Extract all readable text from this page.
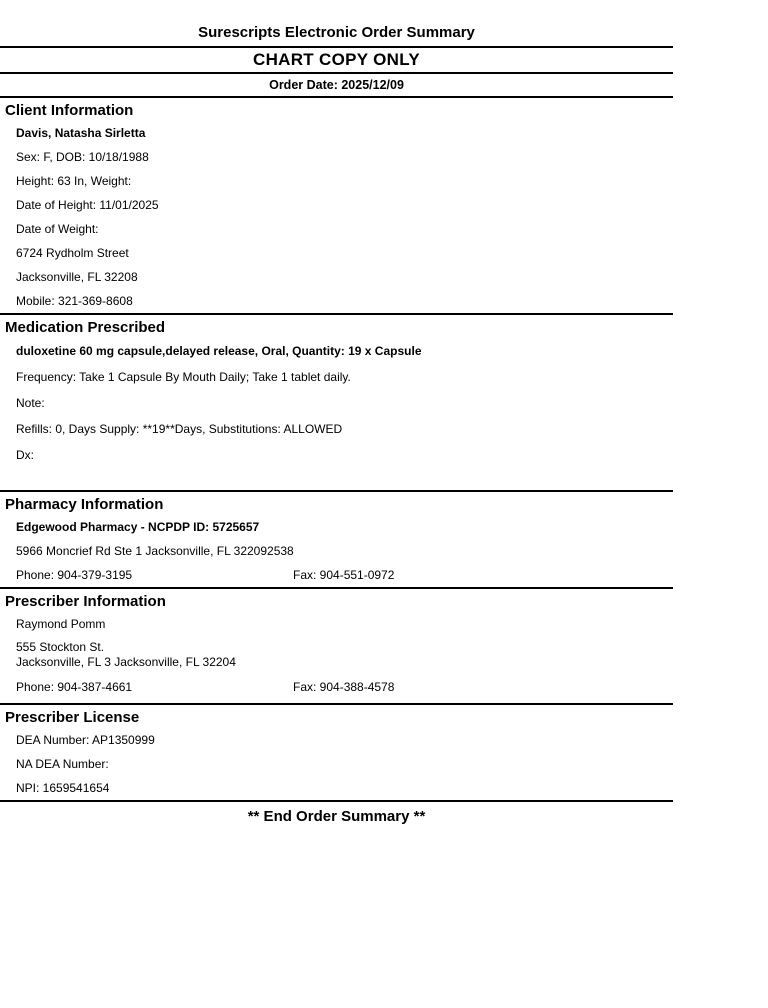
Surescripts Electronic Order Summary
CHART COPY ONLY
Order Date: 2025/12/09
Client Information
Davis, Natasha Sirletta
Sex: F, DOB: 10/18/1988
Height: 63 In, Weight:
Date of Height: 11/01/2025
Date of Weight:
6724 Rydholm Street
Jacksonville, FL 32208
Mobile: 321-369-8608
Medication Prescribed
duloxetine 60 mg capsule,delayed release, Oral, Quantity: 19 x Capsule
Frequency: Take 1 Capsule By Mouth Daily; Take 1 tablet daily.
Note:
Refills: 0, Days Supply: **19**Days, Substitutions: ALLOWED
Dx:
Pharmacy Information
Edgewood Pharmacy - NCPDP ID: 5725657
5966 Moncrief Rd Ste 1 Jacksonville, FL 322092538
Phone: 904-379-3195	Fax: 904-551-0972
Prescriber Information
Raymond Pomm
555 Stockton St.
Jacksonville, FL 3 Jacksonville, FL 32204
Phone: 904-387-4661	Fax: 904-388-4578
Prescriber License
DEA Number: AP1350999
NA DEA Number:
NPI: 1659541654
** End Order Summary **
